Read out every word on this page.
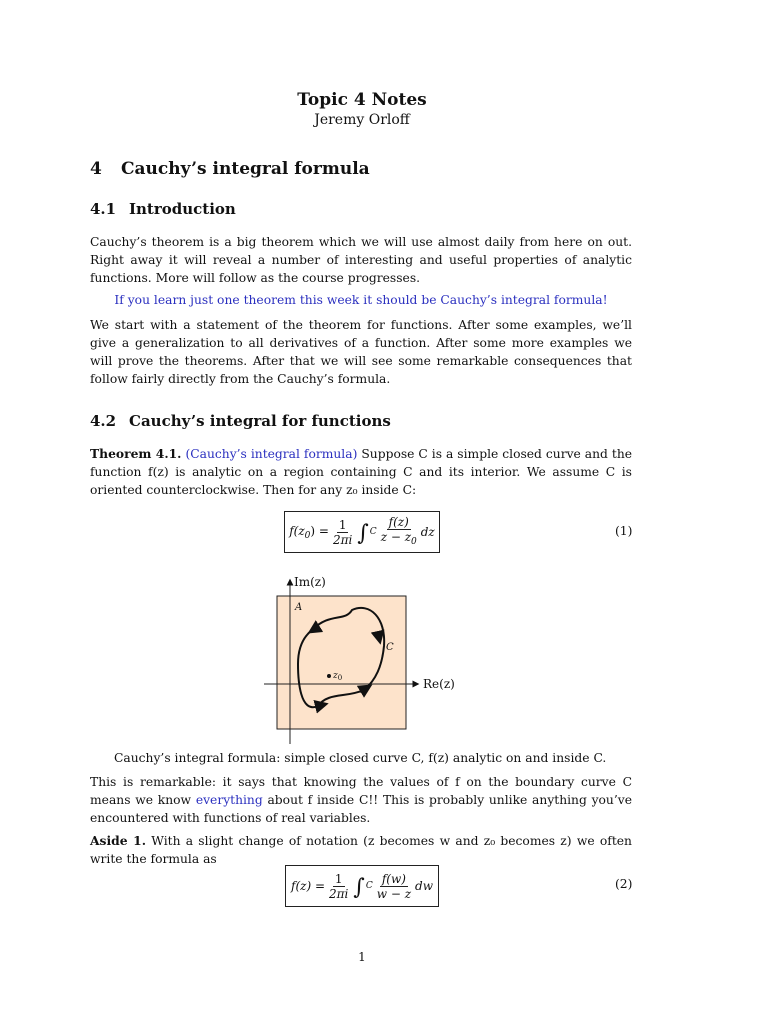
Topic 4 Notes
Jeremy Orloff
4 Cauchy’s integral formula
4.1 Introduction

Cauchy’s theorem is a big theorem which we will use almost daily from here on out. Right away it will reveal a number of interesting and useful properties of analytic functions. More will follow as the course progresses.

If you learn just one theorem this week it should be Cauchy’s integral formula!

We start with a statement of the theorem for functions. After some examples, we’ll give a generalization to all derivatives of a function. After some more examples we will prove the theorems. After that we will see some remarkable consequences that follow fairly directly from the Cauchy’s formula.

4.2 Cauchy’s integral for functions

Theorem 4.1. (Cauchy’s integral formula) Suppose C is a simple closed curve and the function f(z) is analytic on a region containing C and its interior. We assume C is oriented counterclockwise. Then for any z₀ inside C:

$f(z_0) = \frac{1}{2\pi i}$ ∫ C $\frac{f(z)}{z - z_0}$ dz	(1)
Im(z)
Re(z)
A
C
$z_0$
Cauchy’s integral formula: simple closed curve C, f(z) analytic on and inside C.

This is remarkable: it says that knowing the values of f on the boundary curve C means we know everything about f inside C!! This is probably unlike anything you’ve encountered with functions of real variables.

Aside 1. With a slight change of notation (z becomes w and z₀ becomes z) we often write the formula as

$f(z) = \frac{1}{2\pi i}$ ∫ C $\frac{f(w)}{w - z}$ dw	(2)
1
